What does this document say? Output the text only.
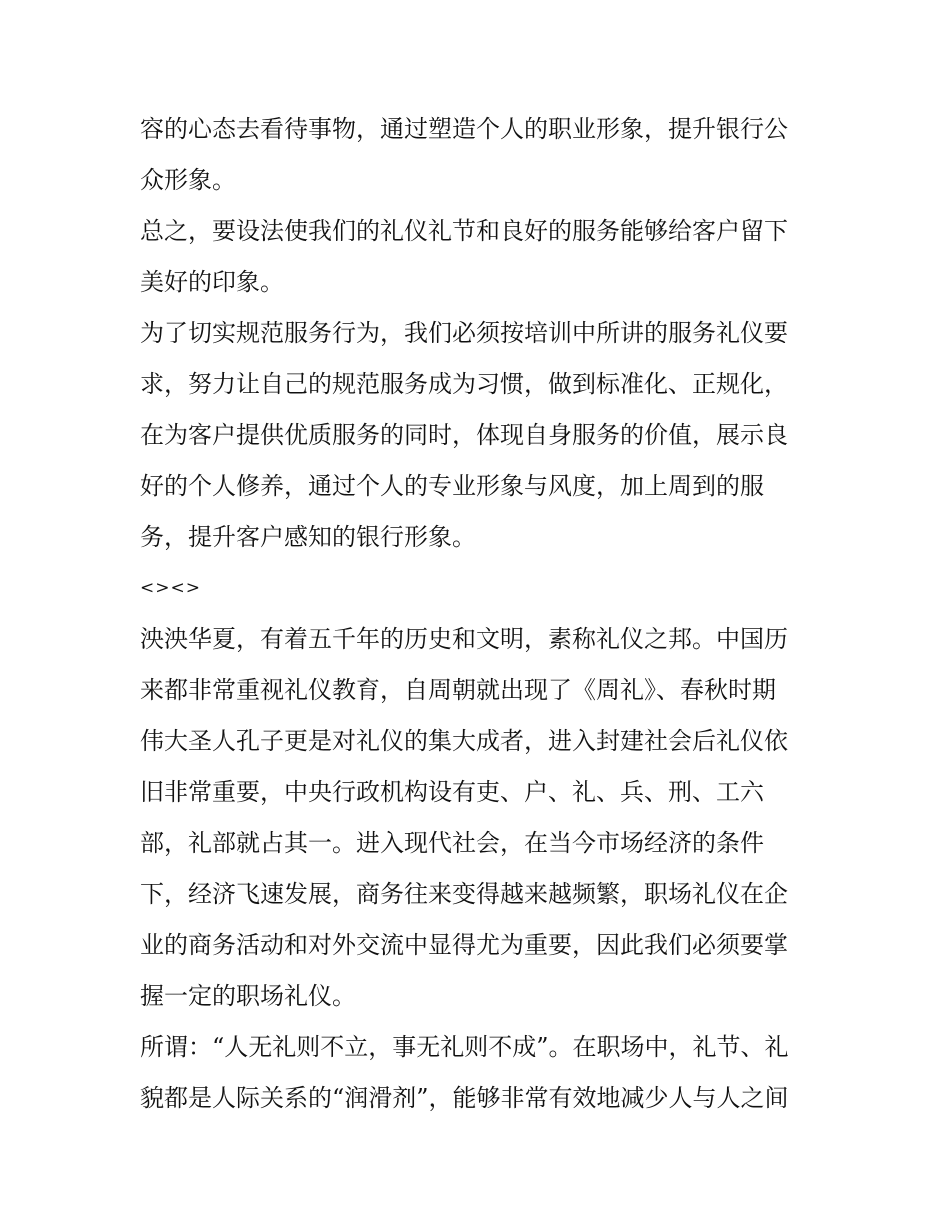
容的心态去看待事物，通过塑造个人的职业形象，提升银行公
众形象。
总之，要设法使我们的礼仪礼节和良好的服务能够给客户留下
美好的印象。
为了切实规范服务行为，我们必须按培训中所讲的服务礼仪要
求，努力让自己的规范服务成为习惯，做到标准化、正规化，
在为客户提供优质服务的同时，体现自身服务的价值，展示良
好的个人修养，通过个人的专业形象与风度，加上周到的服
务，提升客户感知的银行形象。
<><>
泱泱华夏，有着五千年的历史和文明，素称礼仪之邦。中国历
来都非常重视礼仪教育，自周朝就出现了《周礼》、春秋时期
伟大圣人孔子更是对礼仪的集大成者，进入封建社会后礼仪依
旧非常重要，中央行政机构设有吏、户、礼、兵、刑、工六
部，礼部就占其一。进入现代社会，在当今市场经济的条件
下，经济飞速发展，商务往来变得越来越频繁，职场礼仪在企
业的商务活动和对外交流中显得尤为重要，因此我们必须要掌
握一定的职场礼仪。
所谓：“人无礼则不立，事无礼则不成”。在职场中，礼节、礼
貌都是人际关系的“润滑剂”，能够非常有效地减少人与人之间
